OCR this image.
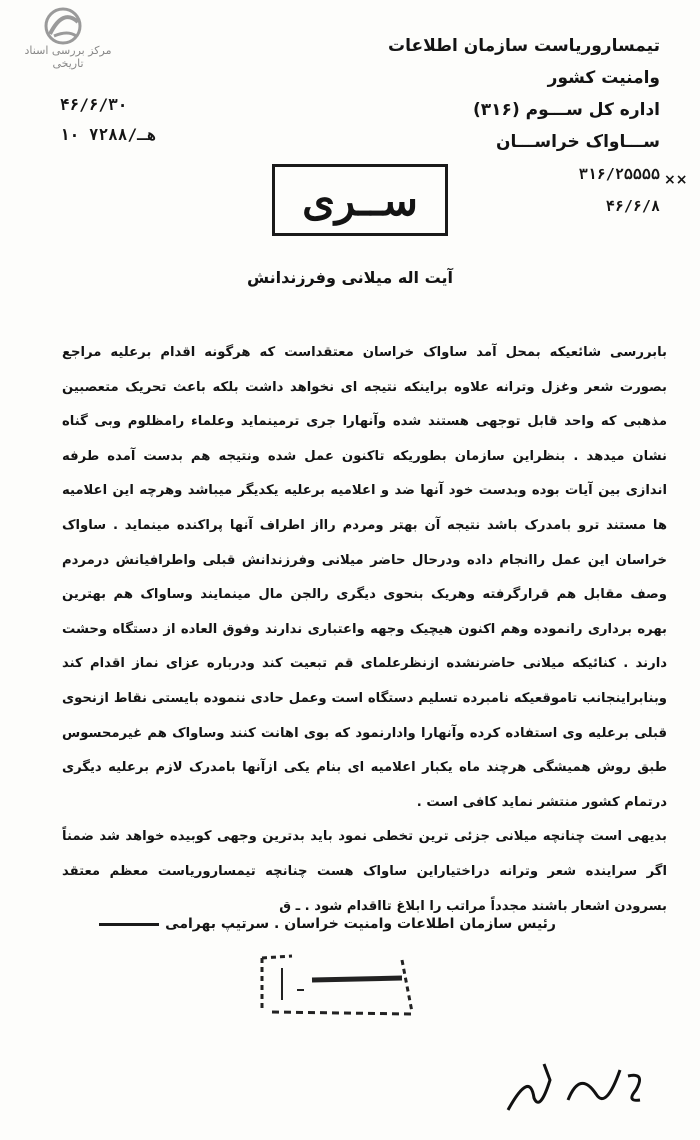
مرکز بررسی اسناد تاریخی
تیمساروریاست سازمان اطلاعات وامنیت کشور
اداره کل ســـوم (۳۱۶)
ســـاواک خراســـان
۳۱۶/۲۵۵۵۵
۴۶/۶/۸
××
۴۶/۶/۳۰
۱۰ هـ/۷۲۸۸
ســری
آیت اله میلانی وفرزندانش

بابررسی شائعیکه بمحل آمد ساواک خراسان معتقداست که هرگونه اقدام برعلیه مراجع بصورت شعر وغزل وترانه علاوه براینکه نتیجه ای نخواهد داشت بلکه باعث تحریک متعصبین مذهبی که واحد قابل توجهی هستند شده وآنهارا جری ترمینماید وعلماء رامظلوم وبی گناه نشان میدهد . بنظراین سازمان بطوریکه تاکنون عمل شده ونتیجه هم بدست آمده طرفه اندازی بین آیات بوده وبدست خود آنها ضد و اعلامیه برعلیه یکدیگر میباشد وهرچه این اعلامیه ها مستند ترو بامدرک باشد نتیجه آن بهتر ومردم رااز اطراف آنها پراکنده مینماید . ساواک خراسان این عمل راانجام داده ودرحال حاضر میلانی وفرزندانش قبلی واطرافیانش درمردم وصف مقابل هم قرارگرفته وهریک بنحوی دیگری رالجن مال مینمایند وساواک هم بهترین بهره برداری رانموده وهم اکنون هیچیک وجهه واعتباری ندارند وفوق العاده از دستگاه وحشت دارند . کنائیکه میلانی حاضرنشده ازنظرعلمای قم تبعیت کند ودرباره عزای نماز اقدام کند وبنابراینجانب تاموقعیکه نامبرده تسلیم دستگاه است وعمل حادی ننموده بایستی نقاط ازنحوی قبلی برعلیه وی استفاده کرده وآنهارا وادارنمود که بوی اهانت کنند وساواک هم غیرمحسوس طبق روش همیشگی هرچند ماه یکبار اعلامیه ای بنام یکی ازآنها بامدرک لازم برعلیه دیگری درتمام کشور منتشر نماید کافی است .

بدیهی است چنانچه میلانی جزئی ترین تخطی نمود باید بدترین وجهی کوبیده خواهد شد ضمناً اگر سراینده شعر وترانه دراختیاراین ساواک هست چنانچه تیمساروریاست معظم معتقد بسرودن اشعار باشند مجدداً مراتب را ابلاغ تااقدام شود . ـ ق

رئیس سازمان اطلاعات وامنیت خراسان . سرتیپ بهرامی
